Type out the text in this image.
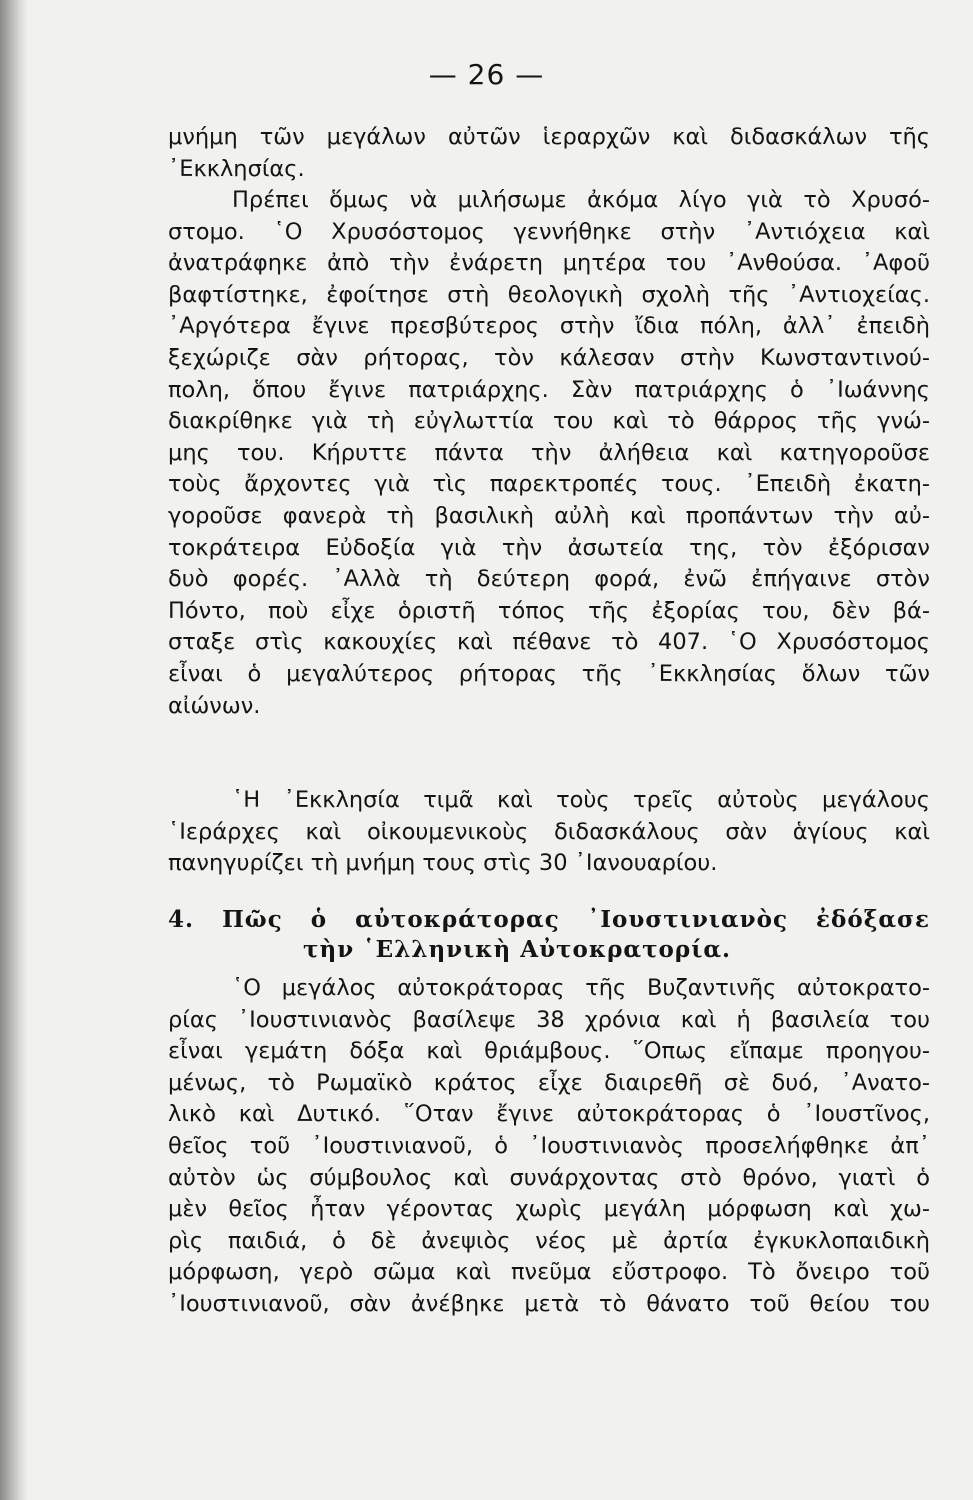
— 26 —
μνήμη τῶν μεγάλων αὐτῶν ἱεραρχῶν καὶ διδασκάλων τῆς
᾿Εκκλησίας.
Πρέπει ὅμως νὰ μιλήσωμε ἀκόμα λίγο γιὰ τὸ Χρυσό-
στομο. ῾Ο Χρυσόστομος γεννήθηκε στὴν ᾿Αντιόχεια καὶ
ἀνατράφηκε ἀπὸ τὴν ἐνάρετη μητέρα του ᾿Ανθούσα. ᾿Αφοῦ
βαφτίστηκε, ἐφοίτησε στὴ θεολογικὴ σχολὴ τῆς ᾿Αντιοχείας.
᾿Αργότερα ἔγινε πρεσβύτερος στὴν ἴδια πόλη, ἀλλ᾿ ἐπειδὴ
ξεχώριζε σὰν ρήτορας, τὸν κάλεσαν στὴν Κωνσταντινού-
πολη, ὅπου ἔγινε πατριάρχης. Σὰν πατριάρχης ὁ ᾿Ιωάννης
διακρίθηκε γιὰ τὴ εὐγλωττία του καὶ τὸ θάρρος τῆς γνώ-
μης του. Κήρυττε πάντα τὴν ἀλήθεια καὶ κατηγοροῦσε
τοὺς ἄρχοντες γιὰ τὶς παρεκτροπές τους. ᾿Επειδὴ ἐκατη-
γοροῦσε φανερὰ τὴ βασιλικὴ αὐλὴ καὶ προπάντων τὴν αὐ-
τοκράτειρα Εὐδοξία γιὰ τὴν ἀσωτεία της, τὸν ἐξόρισαν
δυὸ φορές. ᾿Αλλὰ τὴ δεύτερη φορά, ἐνῶ ἐπήγαινε στὸν
Πόντο, ποὺ εἶχε ὁριστῆ τόπος τῆς ἐξορίας του, δὲν βά-
σταξε στὶς κακουχίες καὶ πέθανε τὸ 407. ῾Ο Χρυσόστομος
εἶναι ὁ μεγαλύτερος ρήτορας τῆς ᾿Εκκλησίας ὅλων τῶν
αἰώνων.
῾Η ᾿Εκκλησία τιμᾶ καὶ τοὺς τρεῖς αὐτοὺς μεγάλους
῾Ιεράρχες καὶ οἰκουμενικοὺς διδασκάλους σὰν ἁγίους καὶ
πανηγυρίζει τὴ μνήμη τους στὶς 30 ᾿Ιανουαρίου.
4. Πῶς ὁ αὐτοκράτορας ᾿Ιουστινιανὸς ἐδόξασε
τὴν ῾Ελληνικὴ Αὐτοκρατορία.
῾Ο μεγάλος αὐτοκράτορας τῆς Βυζαντινῆς αὐτοκρατο-
ρίας ᾿Ιουστινιανὸς βασίλεψε 38 χρόνια καὶ ἡ βασιλεία του
εἶναι γεμάτη δόξα καὶ θριάμβους. ῞Οπως εἴπαμε προηγου-
μένως, τὸ Ρωμαϊκὸ κράτος εἶχε διαιρεθῆ σὲ δυό, ᾿Ανατο-
λικὸ καὶ Δυτικό. ῞Οταν ἔγινε αὐτοκράτορας ὁ ᾿Ιουστῖνος,
θεῖος τοῦ ᾿Ιουστινιανοῦ, ὁ ᾿Ιουστινιανὸς προσελήφθηκε ἀπ᾿
αὐτὸν ὡς σύμβουλος καὶ συνάρχοντας στὸ θρόνο, γιατὶ ὁ
μὲν θεῖος ἦταν γέροντας χωρὶς μεγάλη μόρφωση καὶ χω-
ρὶς παιδιά, ὁ δὲ ἀνεψιὸς νέος μὲ ἀρτία ἐγκυκλοπαιδικὴ
μόρφωση, γερὸ σῶμα καὶ πνεῦμα εὔστροφο. Τὸ ὄνειρο τοῦ
᾿Ιουστινιανοῦ, σὰν ἀνέβηκε μετὰ τὸ θάνατο τοῦ θείου του
